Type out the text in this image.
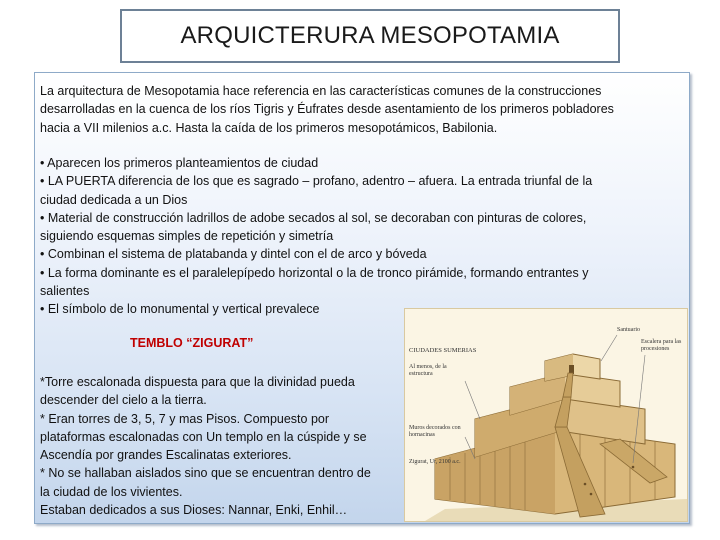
ARQUICTERURA MESOPOTAMIA
La arquitectura de Mesopotamia hace referencia en las características comunes de la construcciones
desarrolladas en la cuenca de los ríos Tigris y Éufrates desde asentamiento de los primeros pobladores
hacia a VII milenios a.c. Hasta la caída de los primeros mesopotámicos, Babilonia.
• Aparecen los primeros planteamientos de ciudad
• LA PUERTA diferencia de los que es sagrado – profano, adentro – afuera. La entrada triunfal de la
ciudad dedicada a un Dios
• Material de construcción ladrillos de adobe secados al sol, se decoraban con pinturas de colores,
siguiendo esquemas simples de repetición y simetría
• Combinan el sistema de platabanda y dintel con el de arco y bóveda
• La forma dominante es el paralelepípedo horizontal o la de tronco pirámide, formando entrantes y
salientes
• El símbolo de lo monumental y vertical prevalece
TEMBLO “ZIGURAT”
*Torre escalonada dispuesta para que la divinidad pueda
descender del cielo a la tierra.
* Eran torres de 3, 5, 7 y mas Pisos. Compuesto por
plataformas escalonadas con Un templo en la cúspide y se
Ascendía por grandes Escalinatas exteriores.
* No se hallaban aislados sino que se encuentran dentro de
la ciudad de los vivientes.
Estaban dedicados a sus Dioses: Nannar, Enki, Enhil…
CIUDADES SUMERIAS
Santuario
Escalera para las procesiones
Al menos, de la estructura
Muros decorados con hornacinas
Zigurat, Ur, 2100 a.c.
